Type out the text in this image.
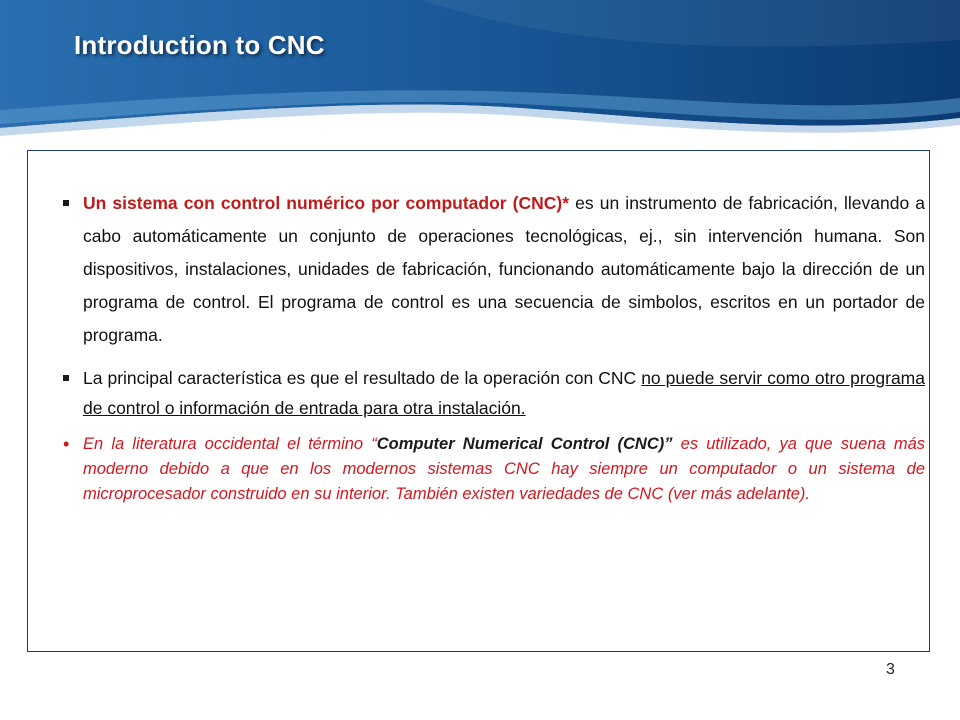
Introduction to CNC
Un sistema con control numérico por computador (CNC)* es un instrumento de fabricación, llevando a cabo automáticamente un conjunto de operaciones tecnológicas, ej., sin intervención humana. Son dispositivos, instalaciones, unidades de fabricación, funcionando automáticamente bajo la dirección de un programa de control. El programa de control es una secuencia de simbolos, escritos en un portador de programa.
La principal característica es que el resultado de la operación con CNC no puede servir como otro programa de control o información de entrada para otra instalación.
• En la literatura occidental el término “Computer Numerical Control (CNC)” es utilizado, ya que suena más moderno debido a que en los modernos sistemas CNC hay siempre un computador o un sistema de microprocesador construido en su interior. También existen variedades de CNC (ver más adelante).
3
